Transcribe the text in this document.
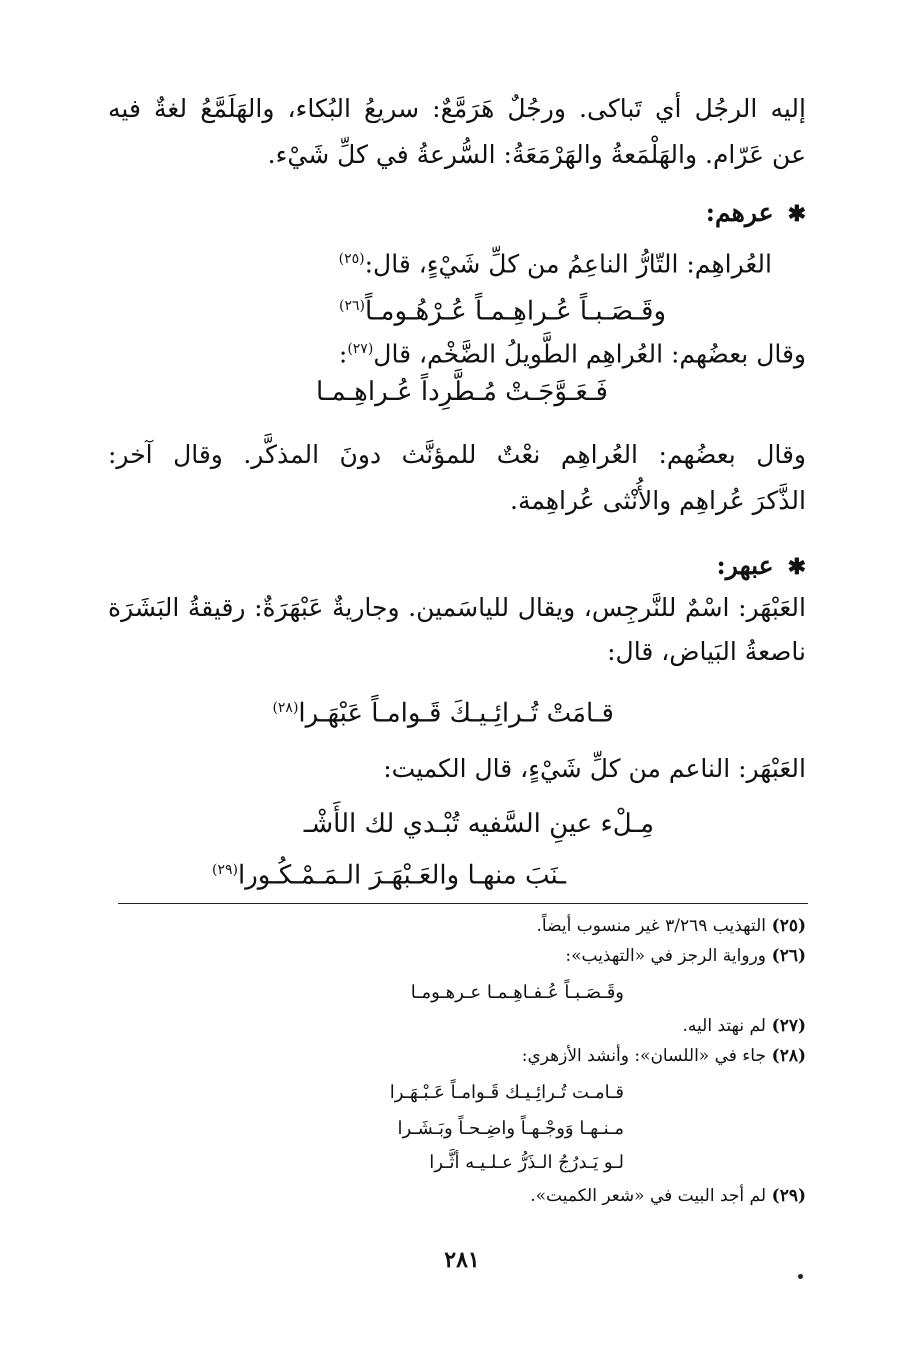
إليه الرجُل أي تَباكى. ورجُلٌ هَرَمَّعٌ: سريعُ البُكاء، والهَلَمَّعُ لغةٌ فيه
عن عَرّام. والهَلْمَعةُ والهَرْمَعَةُ: السُّرعةُ في كلِّ شَيْء.
✱عرهم:
العُراهِم: التّارُّ الناعِمُ من كلِّ شَيْءٍ، قال:$^{(٢٥)}$
وقَـصَـبـاً عُـراهِـمـاً عُـرْهُـومـاً$^{(٢٦)}$
وقال بعضُهم: العُراهِم الطَّويلُ الضَّخْم، قال$^{(٢٧)}$:
فَـعَـوَّجَـتْ مُـطَّرِداً عُـراهِـمـا
وقال بعضُهم: العُراهِم نعْتٌ للمؤنَّث دونَ المذكَّر. وقال آخر:
الذَّكرَ عُراهِم والأُنْثى عُراهِمة.
✱عبهر:
العَبْهَر: اسْمٌ للنَّرجِس، ويقال للياسَمين. وجاريةٌ عَبْهَرَةٌ: رقيقةُ البَشَرَة
ناصعةُ البَياض، قال:
قـامَتْ تُـرائِـيـكَ قَـوامـاً عَبْهَـرا$^{(٢٨)}$
العَبْهَر: الناعم من كلِّ شَيْءٍ، قال الكميت:
مِـلْء عينِ السَّفيه تُبْـدي لك الأَشْـ
ـنَبَ منهـا والعَـبْهَـرَ الـمَـمْـكُـورا$^{(٢٩)}$
(٢٥)التهذيب ٣/٢٦٩ غير منسوب أيضاً.
(٢٦)ورواية الرجز في «التهذيب»:
وقَـصَـبـاً عُـفـاهِـمـا عـرهـومـا
(٢٧)لم نهتد اليه.
(٢٨)جاء في «اللسان»: وأنشد الأزهري:
قـامـت تُـرائِـيـك قَـوامـاً عَـبْـهَـرا
مـنـهـا وَوجْـهـاً واضِـحـاً وبَـشَـرا
لـو يَـدرُجُ الـذَرُّ عـلـيـه أثَّـرا
(٢٩)لم أجد البيت في «شعر الكميت».
٢٨١
